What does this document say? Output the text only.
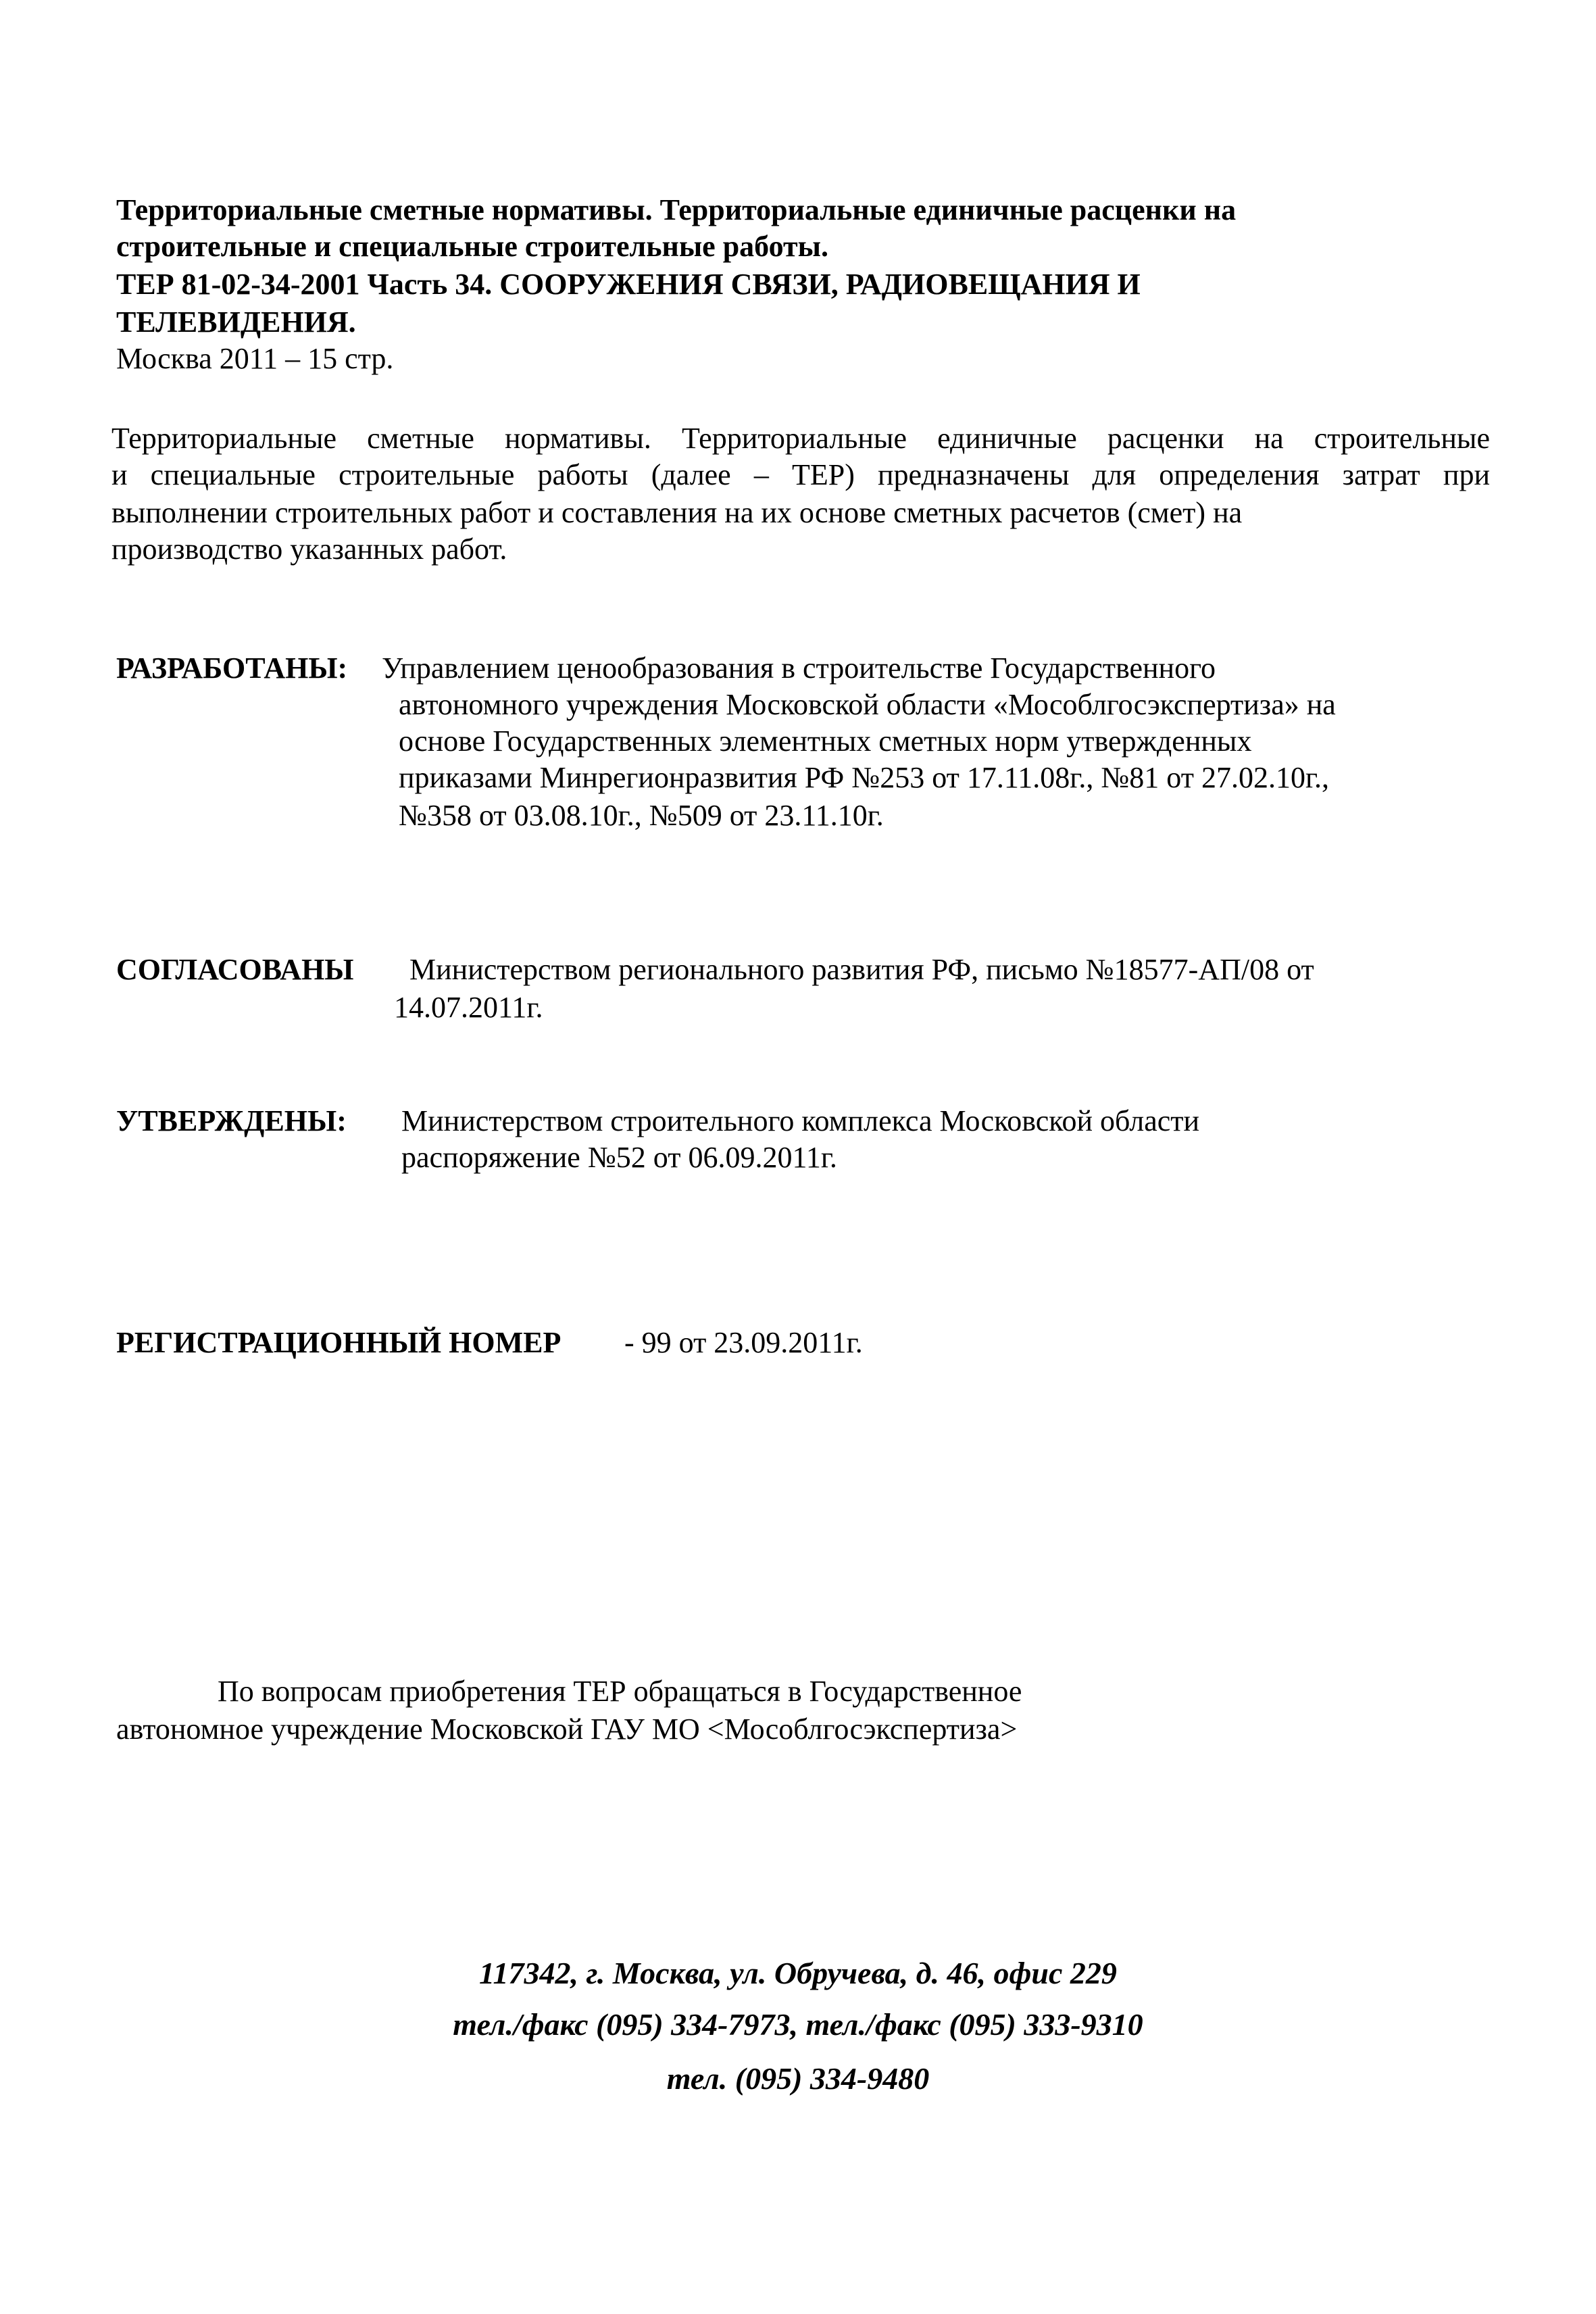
Территориальные сметные нормативы. Территориальные единичные расценки на
строительные и специальные строительные работы.
ТЕР 81-02-34-2001 Часть 34. СООРУЖЕНИЯ СВЯЗИ, РАДИОВЕЩАНИЯ И
ТЕЛЕВИДЕНИЯ.
Москва 2011 – 15 стр.
Территориальные сметные нормативы. Территориальные единичные расценки на строительные
и специальные строительные работы (далее – ТЕР) предназначены для определения затрат при
выполнении строительных работ и составления на их основе сметных расчетов (смет) на
производство указанных работ.
РАЗРАБОТАНЫ: Управлением ценообразования в строительстве Государственного
автономного учреждения Московской области «Мособлгосэкспертиза» на
основе Государственных элементных сметных норм утвержденных
приказами Минрегионразвития РФ №253 от 17.11.08г., №81 от 27.02.10г.,
№358 от 03.08.10г., №509 от 23.11.10г.
СОГЛАСОВАНЫ Министерством регионального развития РФ, письмо №18577-АП/08 от
14.07.2011г.
УТВЕРЖДЕНЫ: Министерством строительного комплекса Московской области
распоряжение №52 от 06.09.2011г.
РЕГИСТРАЦИОННЫЙ НОМЕР - 99 от 23.09.2011г.
По вопросам приобретения ТЕР обращаться в Государственное
автономное учреждение Московской ГАУ МО <Мособлгосэкспертиза>
117342, г. Москва, ул. Обручева, д. 46, офис 229
тел./факс (095) 334-7973, тел./факс (095) 333-9310
тел. (095) 334-9480
